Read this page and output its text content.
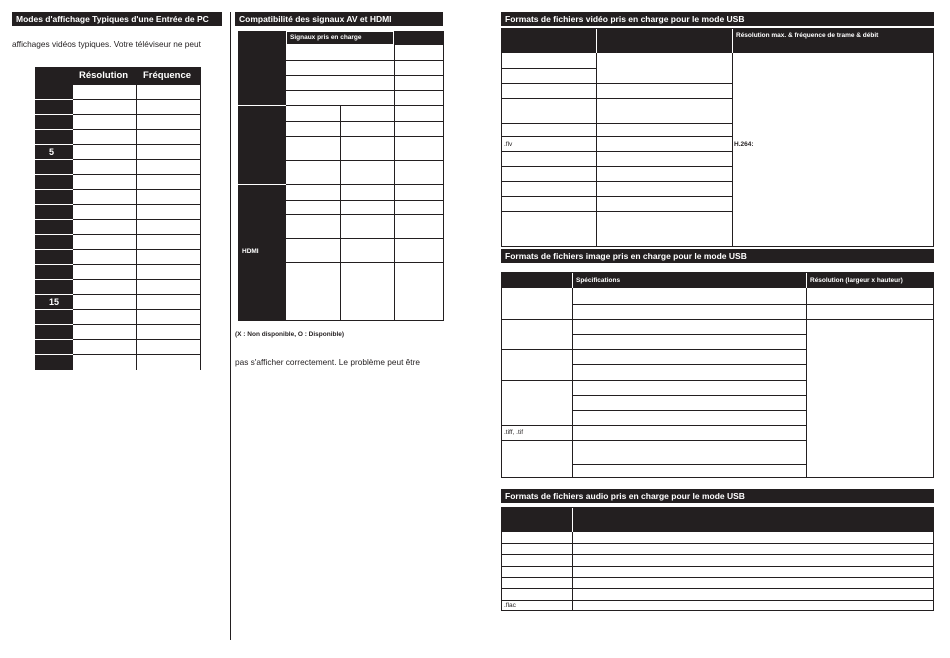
Modes d'affichage Typiques d'une Entrée de PC
affichages vidéos typiques. Votre téléviseur ne peut
Résolution Fréquence
5
15
Compatibilité des signaux AV et HDMI
Signaux pris en charge
HDMI
(X : Non disponible, O : Disponible)
pas s'afficher correctement. Le problème peut être
Formats de fichiers vidéo pris en charge pour le mode USB
Résolution max. & fréquence de trame & débit
.flv	H.264:
Formats de fichiers image pris en charge pour le mode USB
Spécifications	Résolution (largeur x hauteur)
.tiff, .tif
Formats de fichiers audio pris en charge pour le mode USB
.flac
